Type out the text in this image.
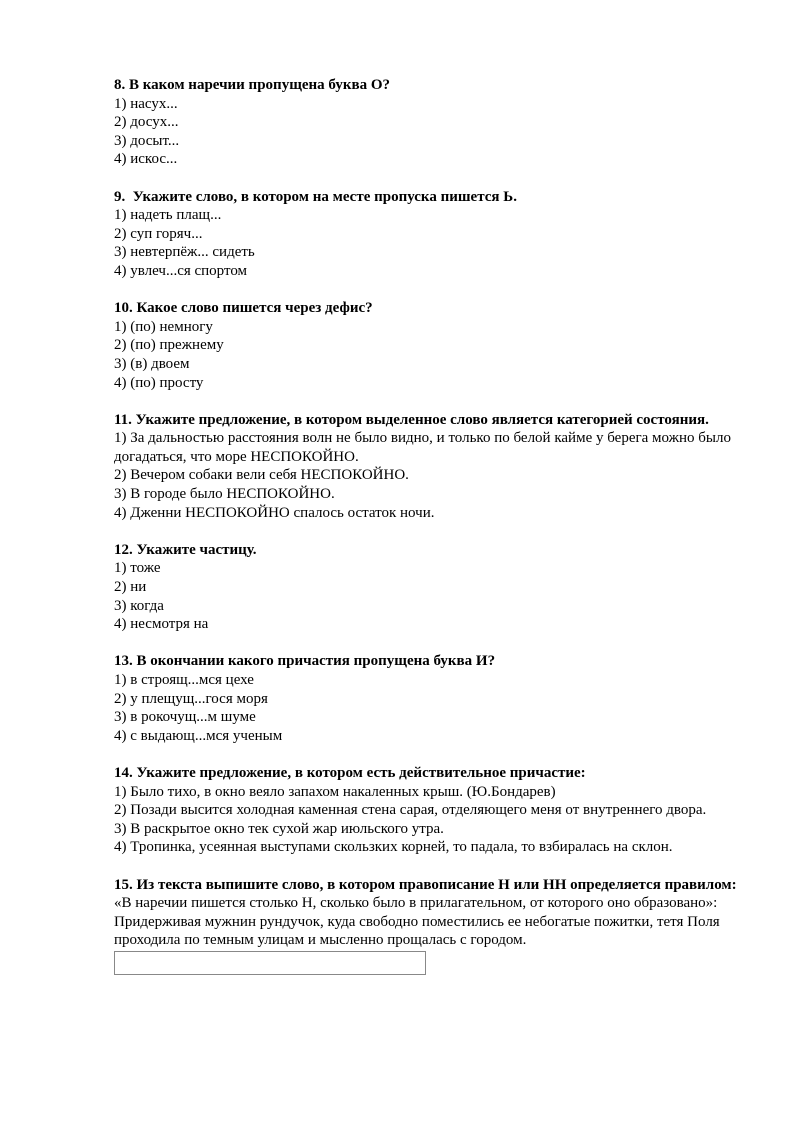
8. В каком наречии пропущена буква О?
1) насух...
2) досух...
3) досыт...
4) искос...
9.  Укажите слово, в котором на месте пропуска пишется Ь.
1) надеть плащ...
2) суп горяч...
3) невтерпёж... сидеть
4) увлеч...ся спортом
10. Какое слово пишется через дефис?
1) (по) немногу
2) (по) прежнему
3) (в) двоем
4) (по) просту
11. Укажите предложение, в котором выделенное слово является категорией состояния.
1) За дальностью расстояния волн не было видно, и только по белой кайме у берега можно было догадаться, что море НЕСПОКОЙНО.
2) Вечером собаки вели себя НЕСПОКОЙНО.
3) В городе было НЕСПОКОЙНО.
4) Дженни НЕСПОКОЙНО спалось остаток ночи.
12. Укажите частицу.
1) тоже
2) ни
3) когда
4) несмотря на
13. В окончании какого причастия пропущена буква И?
1) в строящ...мся цехе
2) у плещущ...гося моря
3) в рокочущ...м шуме
4) с выдающ...мся ученым
14. Укажите предложение, в котором есть действительное причастие:
1) Было тихо, в окно веяло запахом накаленных крыш. (Ю.Бондарев)
2) Позади высится холодная каменная стена сарая, отделяющего меня от внутреннего двора.
3) В раскрытое окно тек сухой жар июльского утра.
4) Тропинка, усеянная выступами скользких корней, то падала, то взбиралась на склон.
15. Из текста выпишите слово, в котором правописание Н или НН определяется правилом: «В наречии пишется столько Н, сколько было в прилагательном, от которого оно образовано»:
Придерживая мужнин рундучок, куда свободно поместились ее небогатые пожитки, тетя Поля проходила по темным улицам и мысленно прощалась с городом.
